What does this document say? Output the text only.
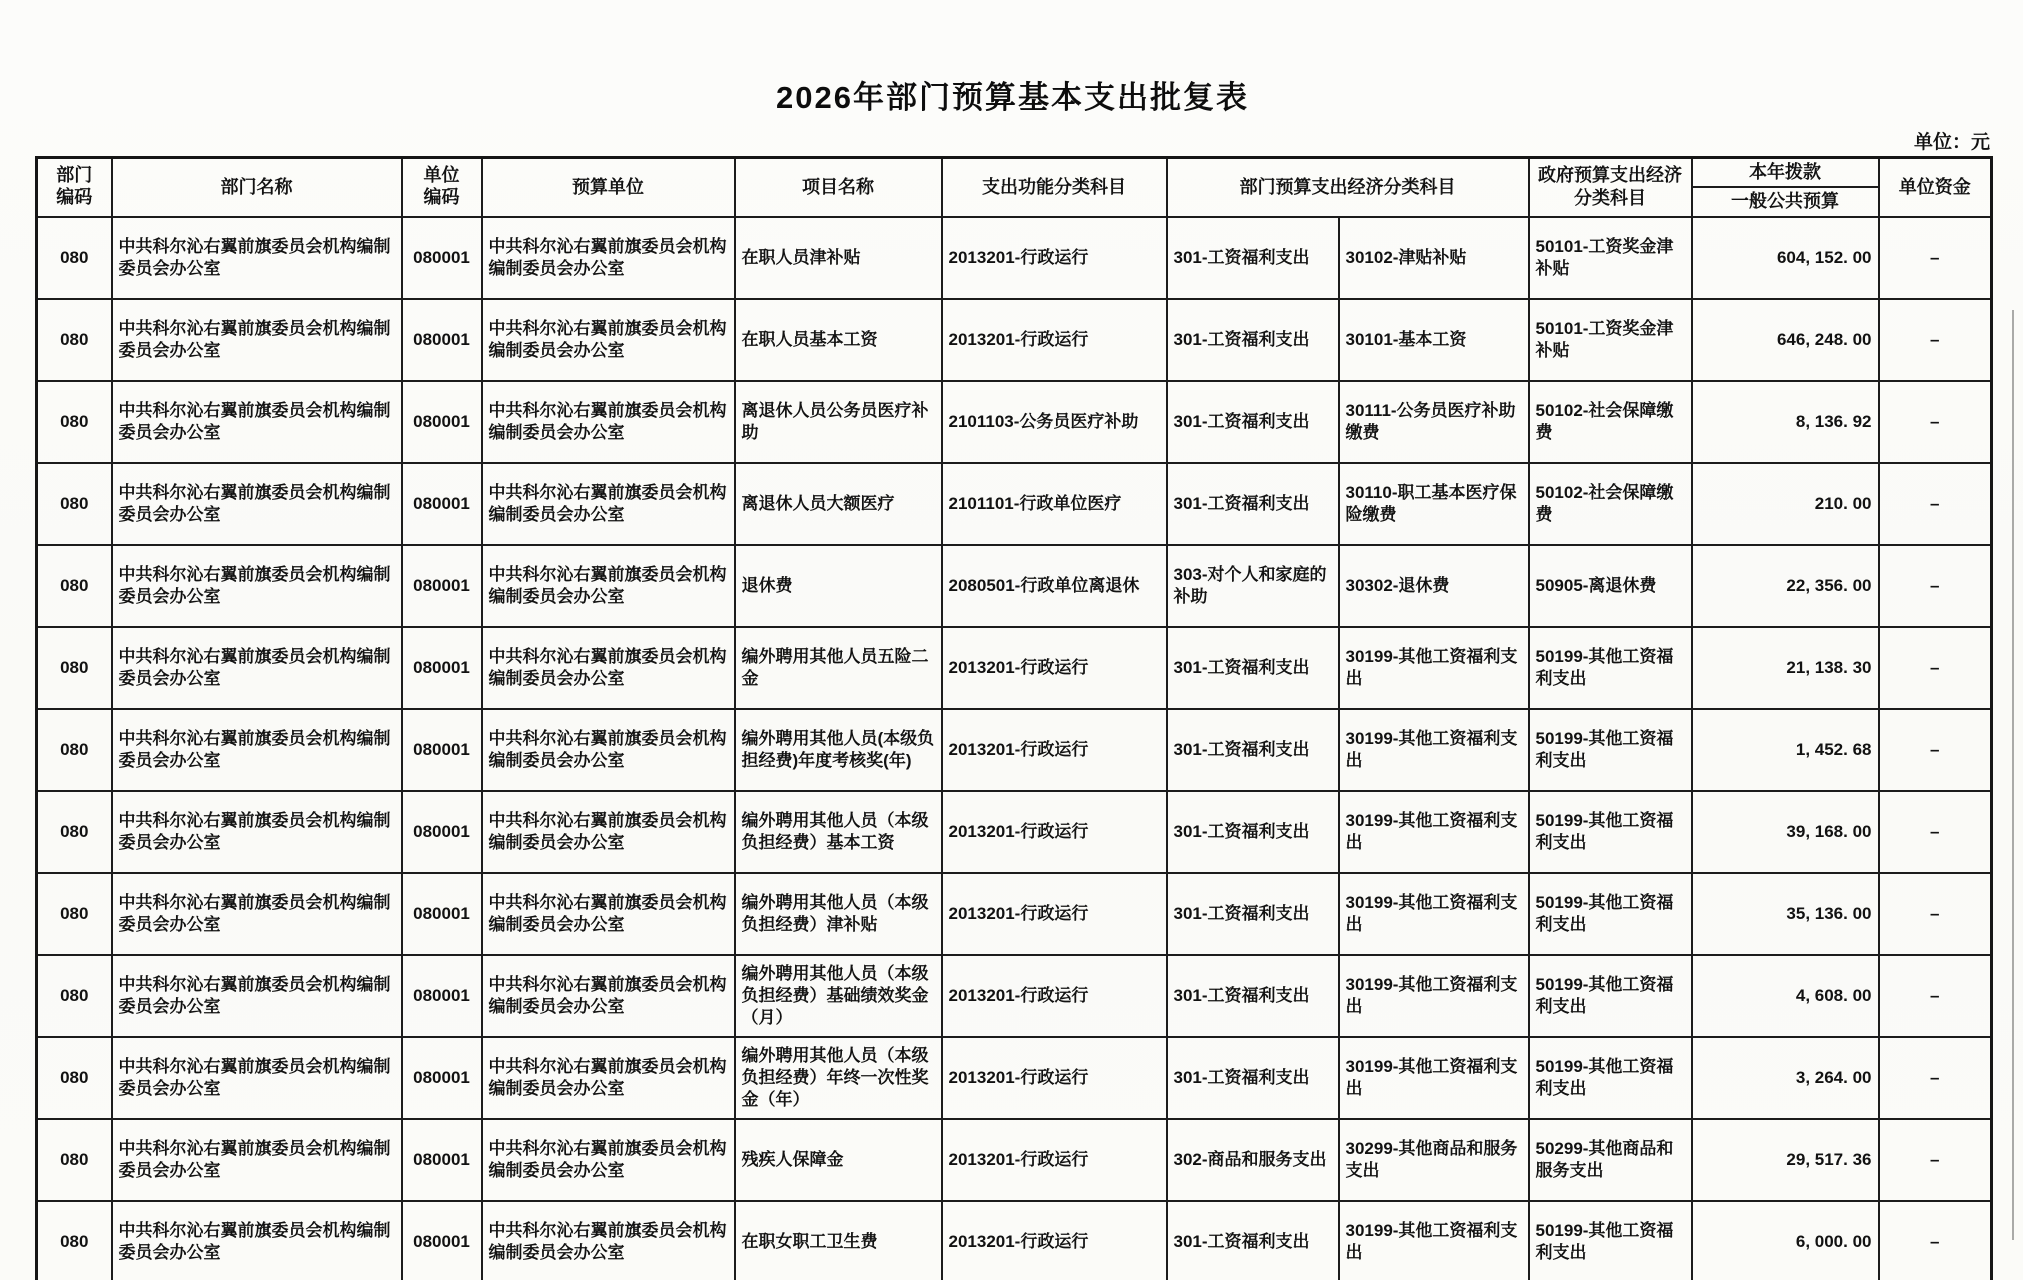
2026年部门预算基本支出批复表
单位：元
部门编码	部门名称	单位编码	预算单位	项目名称	支出功能分类科目	部门预算支出经济分类科目		政府预算支出经济分类科目	本年拨款	单位资金
									一般公共预算	
080	中共科尔沁右翼前旗委员会机构编制委员会办公室	080001	中共科尔沁右翼前旗委员会机构编制委员会办公室	在职人员津补贴	2013201-行政运行	301-工资福利支出	30102-津贴补贴	50101-工资奖金津补贴	604, 152. 00	–
080	中共科尔沁右翼前旗委员会机构编制委员会办公室	080001	中共科尔沁右翼前旗委员会机构编制委员会办公室	在职人员基本工资	2013201-行政运行	301-工资福利支出	30101-基本工资	50101-工资奖金津补贴	646, 248. 00	–
080	中共科尔沁右翼前旗委员会机构编制委员会办公室	080001	中共科尔沁右翼前旗委员会机构编制委员会办公室	离退休人员公务员医疗补助	2101103-公务员医疗补助	301-工资福利支出	30111-公务员医疗补助缴费	50102-社会保障缴费	8, 136. 92	–
080	中共科尔沁右翼前旗委员会机构编制委员会办公室	080001	中共科尔沁右翼前旗委员会机构编制委员会办公室	离退休人员大额医疗	2101101-行政单位医疗	301-工资福利支出	30110-职工基本医疗保险缴费	50102-社会保障缴费	210. 00	–
080	中共科尔沁右翼前旗委员会机构编制委员会办公室	080001	中共科尔沁右翼前旗委员会机构编制委员会办公室	退休费	2080501-行政单位离退休	303-对个人和家庭的补助	30302-退休费	50905-离退休费	22, 356. 00	–
080	中共科尔沁右翼前旗委员会机构编制委员会办公室	080001	中共科尔沁右翼前旗委员会机构编制委员会办公室	编外聘用其他人员五险二金	2013201-行政运行	301-工资福利支出	30199-其他工资福利支出	50199-其他工资福利支出	21, 138. 30	–
080	中共科尔沁右翼前旗委员会机构编制委员会办公室	080001	中共科尔沁右翼前旗委员会机构编制委员会办公室	编外聘用其他人员(本级负担经费)年度考核奖(年)	2013201-行政运行	301-工资福利支出	30199-其他工资福利支出	50199-其他工资福利支出	1, 452. 68	–
080	中共科尔沁右翼前旗委员会机构编制委员会办公室	080001	中共科尔沁右翼前旗委员会机构编制委员会办公室	编外聘用其他人员（本级负担经费）基本工资	2013201-行政运行	301-工资福利支出	30199-其他工资福利支出	50199-其他工资福利支出	39, 168. 00	–
080	中共科尔沁右翼前旗委员会机构编制委员会办公室	080001	中共科尔沁右翼前旗委员会机构编制委员会办公室	编外聘用其他人员（本级负担经费）津补贴	2013201-行政运行	301-工资福利支出	30199-其他工资福利支出	50199-其他工资福利支出	35, 136. 00	–
080	中共科尔沁右翼前旗委员会机构编制委员会办公室	080001	中共科尔沁右翼前旗委员会机构编制委员会办公室	编外聘用其他人员（本级负担经费）基础绩效奖金（月）	2013201-行政运行	301-工资福利支出	30199-其他工资福利支出	50199-其他工资福利支出	4, 608. 00	–
080	中共科尔沁右翼前旗委员会机构编制委员会办公室	080001	中共科尔沁右翼前旗委员会机构编制委员会办公室	编外聘用其他人员（本级负担经费）年终一次性奖金（年）	2013201-行政运行	301-工资福利支出	30199-其他工资福利支出	50199-其他工资福利支出	3, 264. 00	–
080	中共科尔沁右翼前旗委员会机构编制委员会办公室	080001	中共科尔沁右翼前旗委员会机构编制委员会办公室	残疾人保障金	2013201-行政运行	302-商品和服务支出	30299-其他商品和服务支出	50299-其他商品和服务支出	29, 517. 36	–
080	中共科尔沁右翼前旗委员会机构编制委员会办公室	080001	中共科尔沁右翼前旗委员会机构编制委员会办公室	在职女职工卫生费	2013201-行政运行	301-工资福利支出	30199-其他工资福利支出	50199-其他工资福利支出	6, 000. 00	–
